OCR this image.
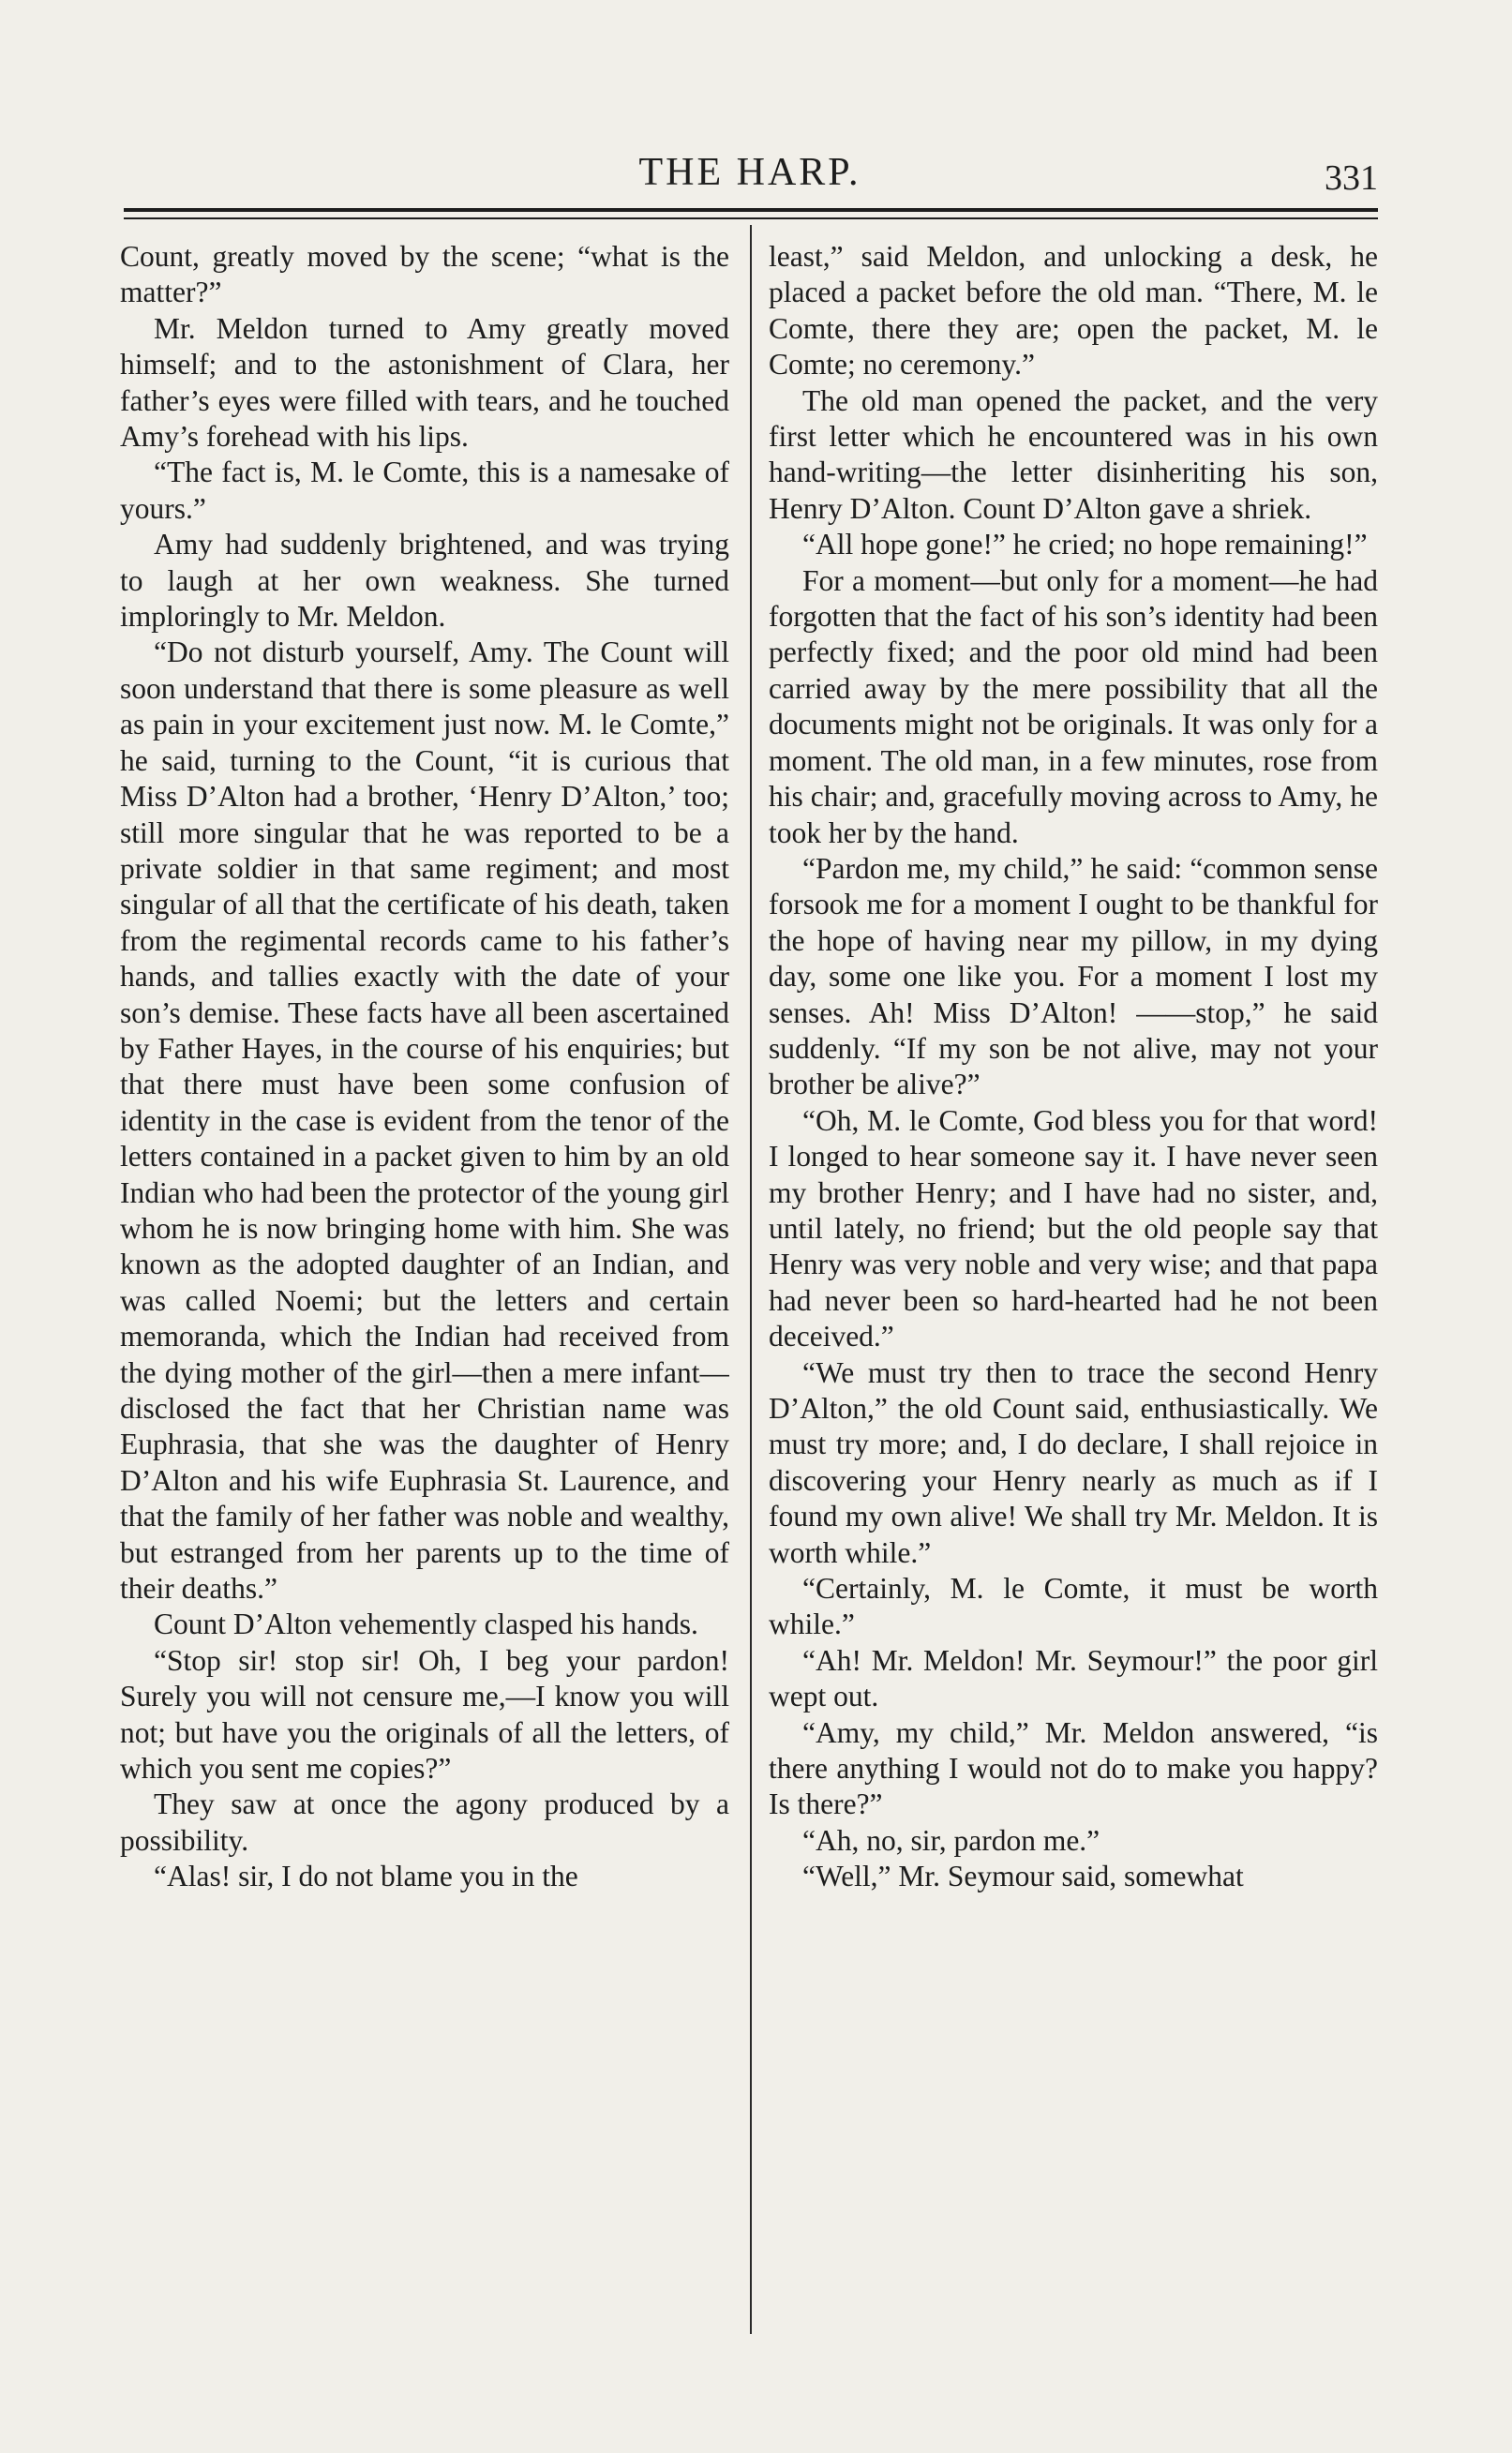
THE HARP.	331

Count, greatly moved by the scene; “what is the matter?”

Mr. Meldon turned to Amy greatly moved himself; and to the astonishment of Clara, her father’s eyes were filled with tears, and he touched Amy’s forehead with his lips.

“The fact is, M. le Comte, this is a namesake of yours.”

Amy had suddenly brightened, and was trying to laugh at her own weakness. She turned imploringly to Mr. Meldon.

“Do not disturb yourself, Amy. The Count will soon understand that there is some pleasure as well as pain in your excitement just now. M. le Comte,” he said, turning to the Count, “it is curious that Miss D’Alton had a brother, ‘Henry D’Alton,’ too; still more singular that he was reported to be a private soldier in that same regiment; and most singular of all that the certificate of his death, taken from the regimental records came to his father’s hands, and tallies exactly with the date of your son’s demise. These facts have all been ascertained by Father Hayes, in the course of his enquiries; but that there must have been some confusion of identity in the case is evident from the tenor of the letters contained in a packet given to him by an old Indian who had been the protector of the young girl whom he is now bringing home with him. She was known as the adopted daughter of an Indian, and was called Noemi; but the letters and certain memoranda, which the Indian had received from the dying mother of the girl—then a mere infant—disclosed the fact that her Christian name was Euphrasia, that she was the daughter of Henry D’Alton and his wife Euphrasia St. Laurence, and that the family of her father was noble and wealthy, but estranged from her parents up to the time of their deaths.”

Count D’Alton vehemently clasped his hands.

“Stop sir! stop sir! Oh, I beg your pardon! Surely you will not censure me,—I know you will not; but have you the originals of all the letters, of which you sent me copies?”

They saw at once the agony produced by a possibility.

“Alas! sir, I do not blame you in the

least,” said Meldon, and unlocking a desk, he placed a packet before the old man. “There, M. le Comte, there they are; open the packet, M. le Comte; no ceremony.”

The old man opened the packet, and the very first letter which he encountered was in his own hand-writing—the letter disinheriting his son, Henry D’Alton. Count D’Alton gave a shriek.

“All hope gone!” he cried; no hope remaining!”

For a moment—but only for a moment—he had forgotten that the fact of his son’s identity had been perfectly fixed; and the poor old mind had been carried away by the mere possibility that all the documents might not be originals. It was only for a moment. The old man, in a few minutes, rose from his chair; and, gracefully moving across to Amy, he took her by the hand.

“Pardon me, my child,” he said: “common sense forsook me for a moment I ought to be thankful for the hope of having near my pillow, in my dying day, some one like you. For a moment I lost my senses. Ah! Miss D’Alton! ——stop,” he said suddenly. “If my son be not alive, may not your brother be alive?”

“Oh, M. le Comte, God bless you for that word! I longed to hear someone say it. I have never seen my brother Henry; and I have had no sister, and, until lately, no friend; but the old people say that Henry was very noble and very wise; and that papa had never been so hard-hearted had he not been deceived.”

“We must try then to trace the second Henry D’Alton,” the old Count said, enthusiastically. We must try more; and, I do declare, I shall rejoice in discovering your Henry nearly as much as if I found my own alive! We shall try Mr. Meldon. It is worth while.”

“Certainly, M. le Comte, it must be worth while.”

“Ah! Mr. Meldon! Mr. Seymour!” the poor girl wept out.

“Amy, my child,” Mr. Meldon answered, “is there anything I would not do to make you happy? Is there?”

“Ah, no, sir, pardon me.”

“Well,” Mr. Seymour said, somewhat
